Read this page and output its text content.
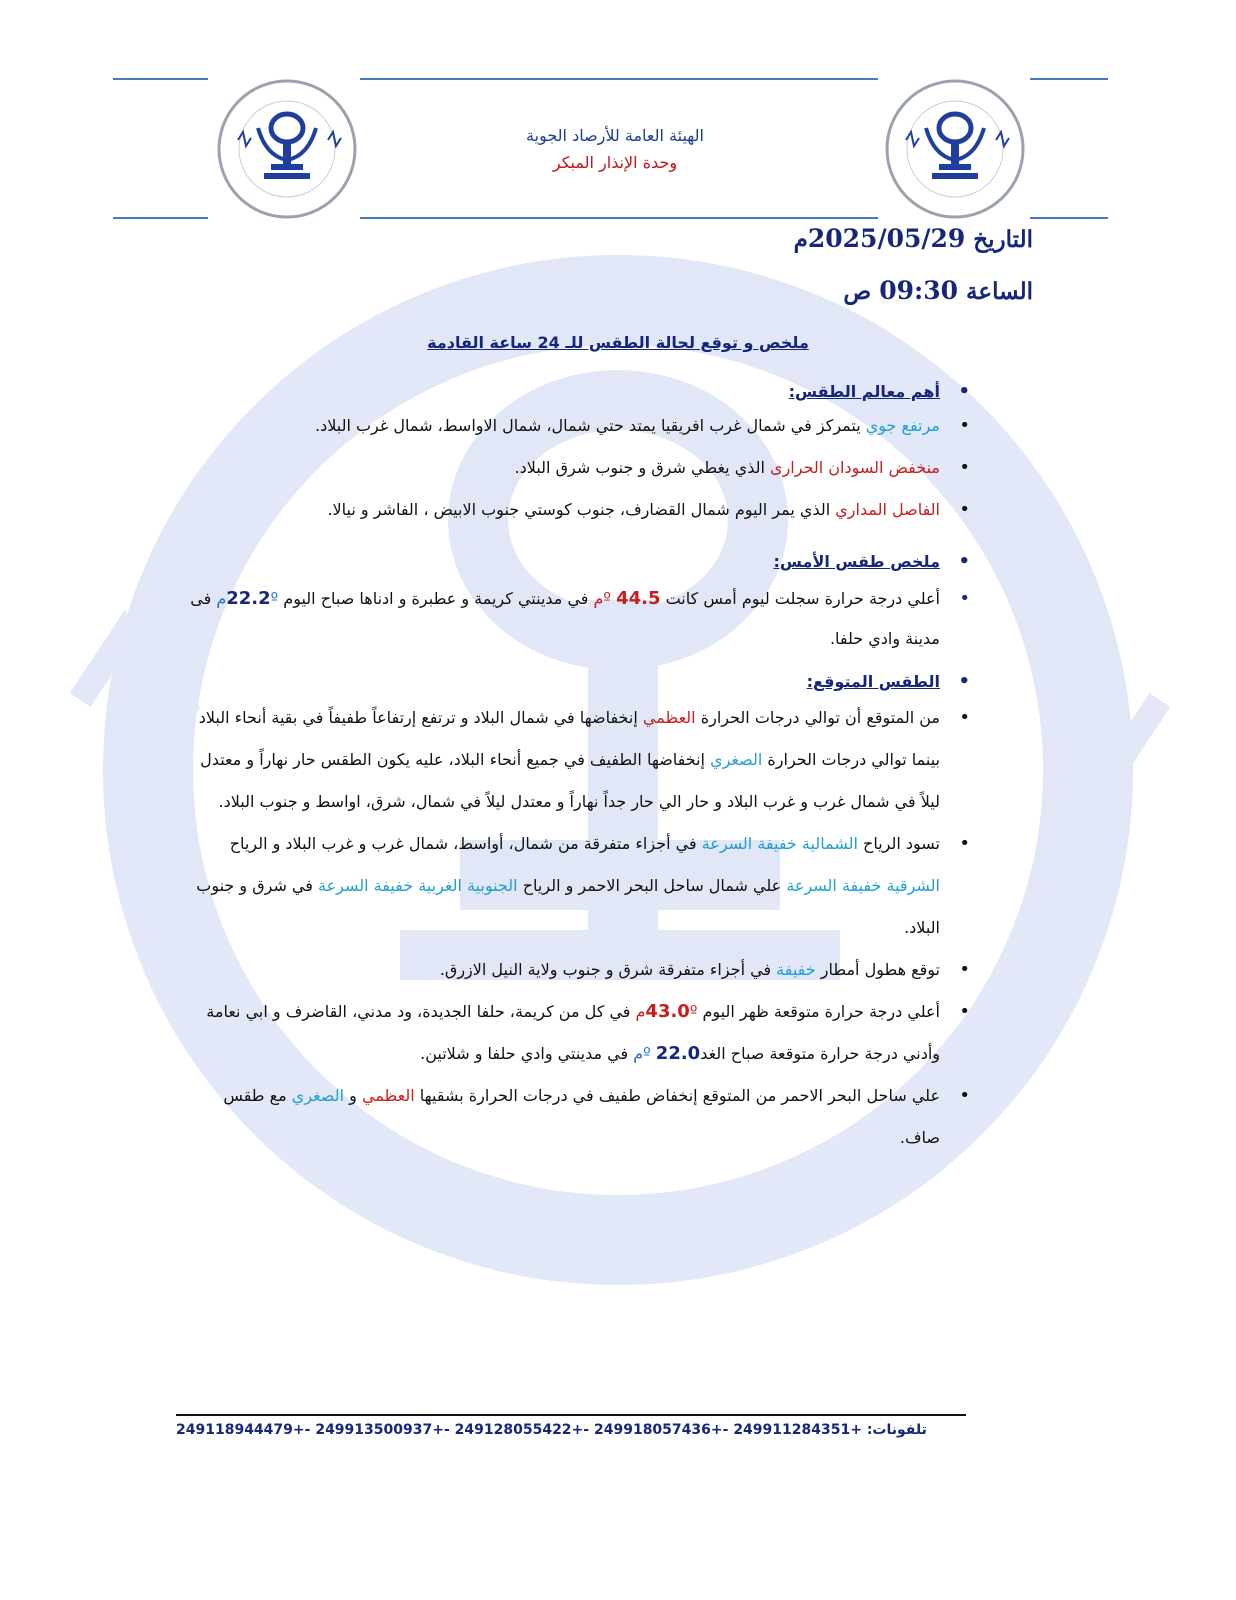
الهيئة العامة للأرصاد الجوية
وحدة الإنذار المبكر
التاريخ 2025/05/29م
الساعة 09:30 ص
ملخص و توقع لحالة الطقس للـ 24 ساعة القادمة
• أهم معالم الطقس:
• مرتفع جوي يتمركز في شمال غرب افريقيا يمتد حتي شمال، شمال الاواسط، شمال غرب البلاد.
• منخفض السودان الحرارى الذي يغطي شرق و جنوب شرق البلاد.
• الفاصل المداري الذي يمر اليوم شمال القضارف، جنوب كوستي جنوب الابيض ، الفاشر و نيالا.
• ملخص طقس الأمس:
• أعلي درجة حرارة سجلت ليوم أمس كانت 44.5 ºم في مدينتي كريمة و عطبرة و ادناها صباح اليوم 22.2ºم فى مدينة وادي حلفا.
• الطقس المتوقع:
• من المتوقع أن توالي درجات الحرارة العظمي إنخفاضها في شمال البلاد و ترتفع إرتفاعاً طفيفاً في بقية أنحاء البلاد بينما توالي درجات الحرارة الصغري إنخفاضها الطفيف في جميع أنحاء البلاد، عليه يكون الطقس حار نهاراً و معتدل ليلاً في شمال غرب و غرب البلاد و حار الي حار جداً نهاراً و معتدل ليلاً في شمال، شرق، اواسط و جنوب البلاد.
• تسود الرياح الشمالية خفيفة السرعة في أجزاء متفرقة من شمال، أواسط، شمال غرب و غرب البلاد و الرياح الشرقية خفيفة السرعة علي شمال ساحل البحر الاحمر و الرياح الجنوبية الغربية خفيفة السرعة في شرق و جنوب البلاد.
• توقع هطول أمطار خفيفة في أجزاء متفرقة شرق و جنوب ولاية النيل الازرق.
• أعلي درجة حرارة متوقعة ظهر اليوم 43.0ºم في كل من كريمة، حلفا الجديدة، ود مدني، القاضرف و ابي نعامة وأدني درجة حرارة متوقعة صباح الغد22.0 ºم في مدينتي وادي حلفا و شلاتين.
• علي ساحل البحر الاحمر من المتوقع إنخفاض طفيف في درجات الحرارة بشقيها العظمي و الصغري مع طقس صاف.
تلفونات: +249911284351 -+249918057436 -+249128055422 -+249913500937 -+249118944479
